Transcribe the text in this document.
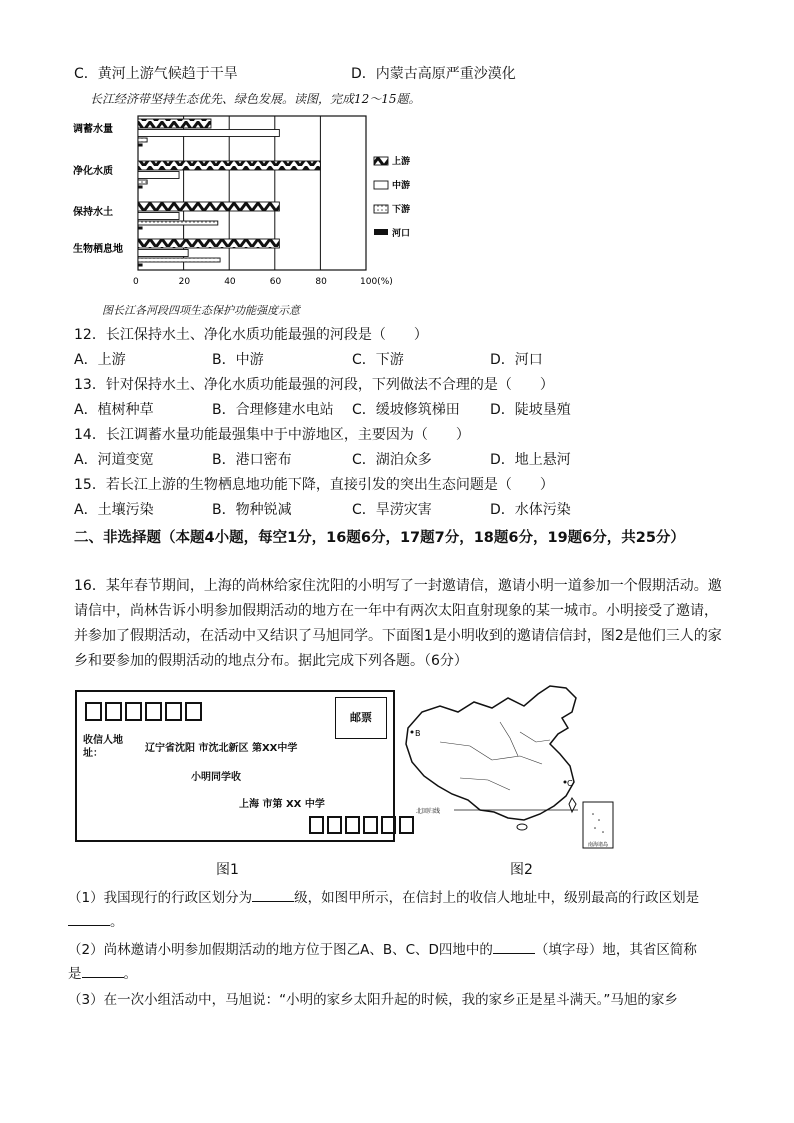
C．黄河上游气候趋于干旱	D．内蒙古高原严重沙漠化
长江经济带坚持生态优先、绿色发展。读图，完成12～15题。
0	20	40	60	80	100(%)
调蓄水量
净化水质
保持水土
生物栖息地
上游
中游
下游
河口
图长江各河段四项生态保护功能强度示意
12．长江保持水土、净化水质功能最强的河段是（　　）
A．上游	B．中游	C．下游	D．河口
13．针对保持水土、净化水质功能最强的河段，下列做法不合理的是（　　）
A．植树种草	B．合理修建水电站 C．缓坡修筑梯田 D．陡坡垦殖
14．长江调蓄水量功能最强集中于中游地区，主要因为（　　）
A．河道变宽	B．港口密布	C．湖泊众多	D．地上悬河
15．若长江上游的生物栖息地功能下降，直接引发的突出生态问题是（　　）
A．土壤污染	B．物种锐减	C．旱涝灾害	D．水体污染
二、非选择题（本题4小题，每空1分，16题6分，17题7分，18题6分，19题6分，共25分）
16．某年春节期间，上海的尚林给家住沈阳的小明写了一封邀请信，邀请小明一道参加一个假期活动。邀请信中，尚林告诉小明参加假期活动的地方在一年中有两次太阳直射现象的某一城市。小明接受了邀请，并参加了假期活动，在活动中又结识了马旭同学。下面图1是小明收到的邀请信信封，图2是他们三人的家乡和要参加的假期活动的地点分布。据此完成下列各题。（6分）
邮票
收信人地址：	辽宁省沈阳 市沈北新区 第XX中学
小明同学收
上海 市第 XX 中学
北回归线
B
C
南海诸岛
图1	图2
（1）我国现行的行政区划分为	级，如图甲所示，在信封上的收信人地址中，级别最高的行政区划是
。
（2）尚林邀请小明参加假期活动的地方位于图乙A、B、C、D四地中的	（填字母）地，其省区简称
是	。
（3）在一次小组活动中，马旭说：“小明的家乡太阳升起的时候，我的家乡正是星斗满天。”马旭的家乡
